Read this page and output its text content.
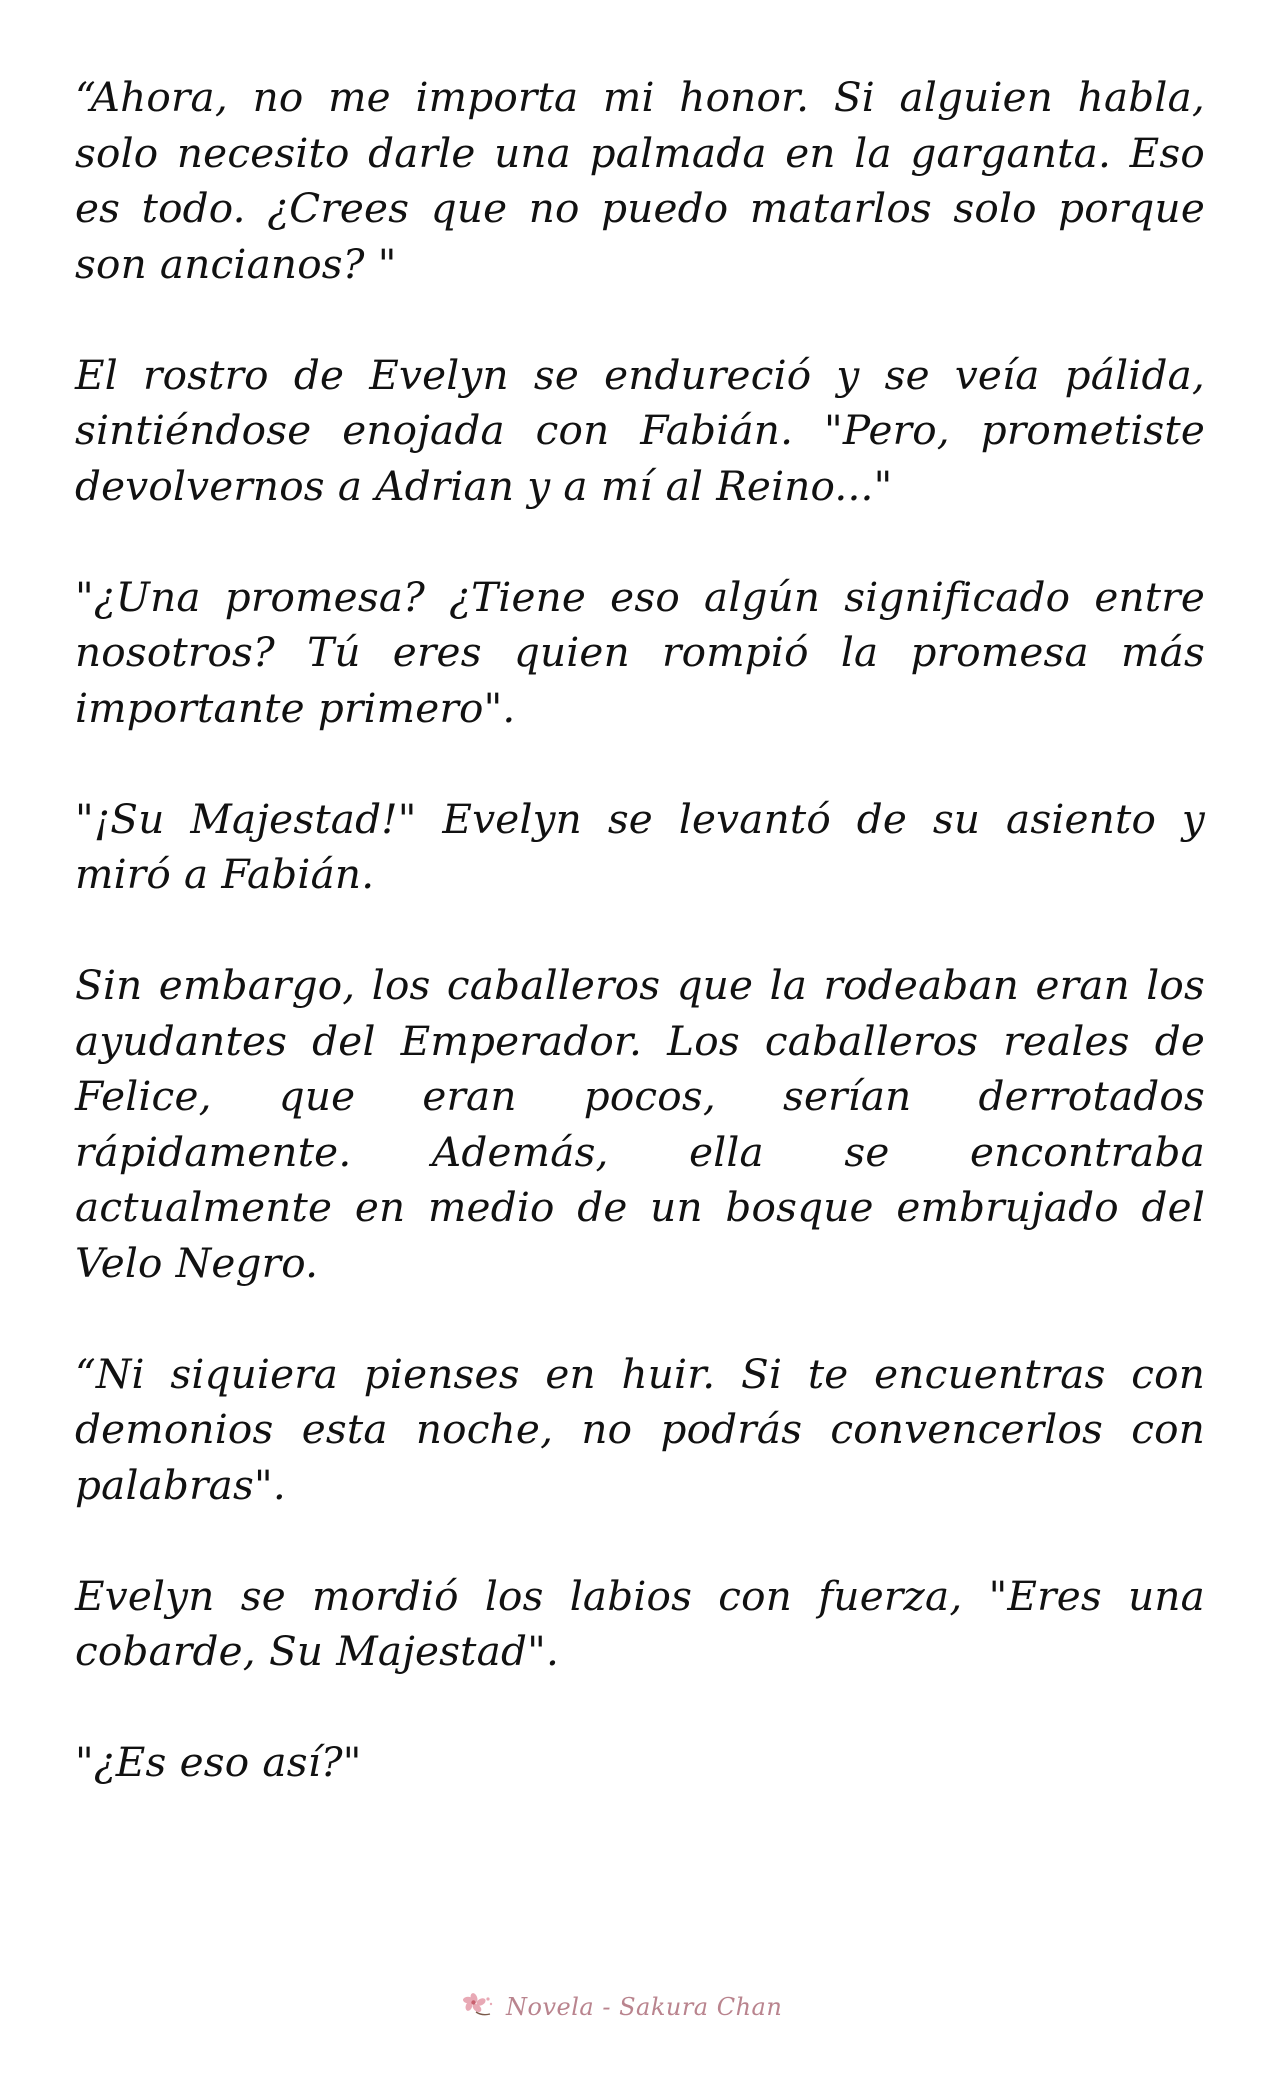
“Ahora, no me importa mi honor. Si alguien habla, solo necesito darle una palmada en la garganta. Eso es todo. ¿Crees que no puedo matarlos solo porque son ancianos? "

El rostro de Evelyn se endureció y se veía pálida, sintiéndose enojada con Fabián. "Pero, prometiste devolvernos a Adrian y a mí al Reino..."

"¿Una promesa? ¿Tiene eso algún significado entre nosotros? Tú eres quien rompió la promesa más importante primero".

"¡Su Majestad!" Evelyn se levantó de su asiento y miró a Fabián.

Sin embargo, los caballeros que la rodeaban eran los ayudantes del Emperador. Los caballeros reales de Felice, que eran pocos, serían derrotados rápidamente. Además, ella se encontraba actualmente en medio de un bosque embrujado del Velo Negro.

“Ni siquiera pienses en huir. Si te encuentras con demonios esta noche, no podrás convencerlos con palabras".

Evelyn se mordió los labios con fuerza, "Eres una cobarde, Su Majestad".

"¿Es eso así?"

Novela - Sakura Chan
